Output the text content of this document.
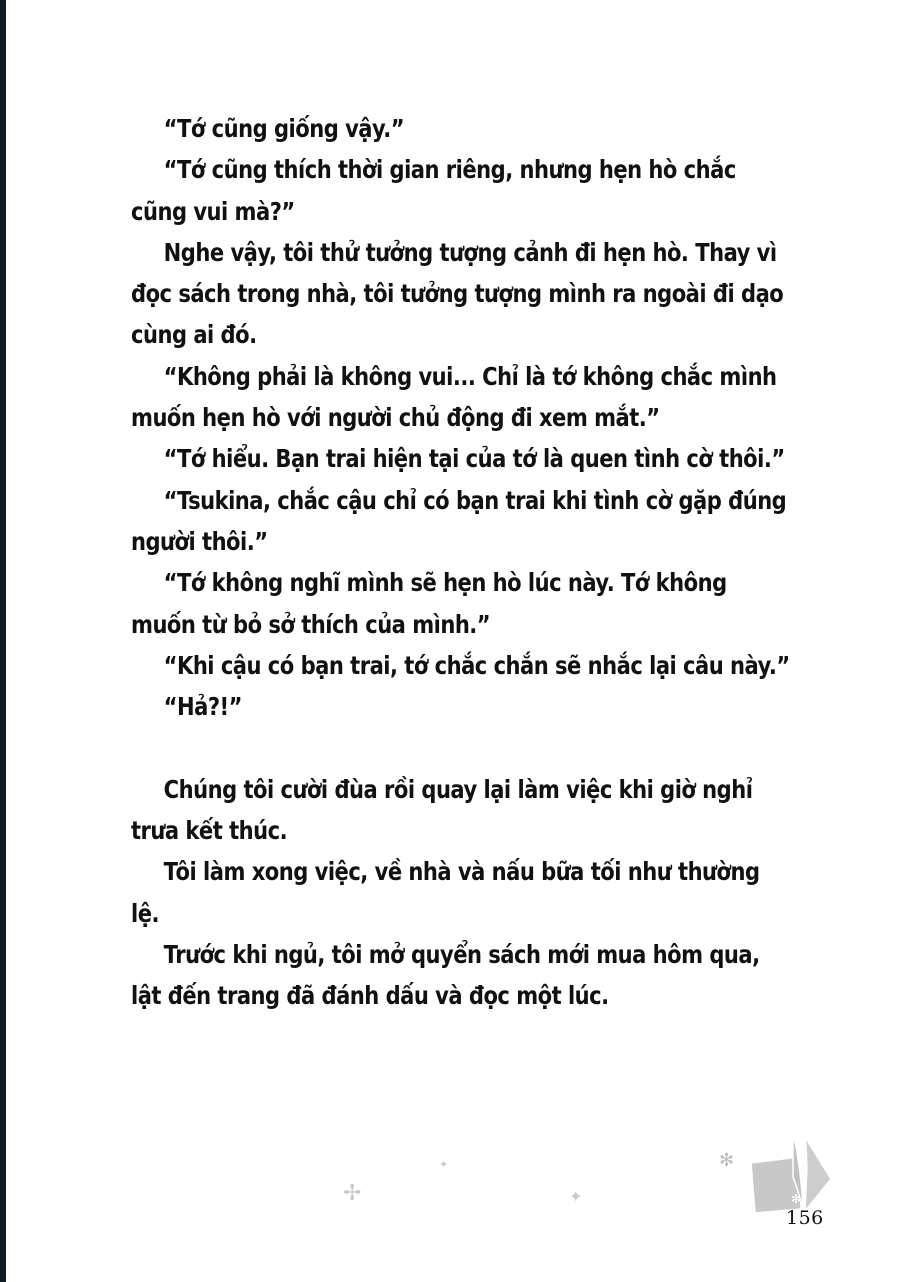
“Tớ cũng giống vậy.”

“Tớ cũng thích thời gian riêng, nhưng hẹn hò chắc cũng vui mà?”

Nghe vậy, tôi thử tưởng tượng cảnh đi hẹn hò. Thay vì đọc sách trong nhà, tôi tưởng tượng mình ra ngoài đi dạo cùng ai đó.

“Không phải là không vui... Chỉ là tớ không chắc mình muốn hẹn hò với người chủ động đi xem mắt.”

“Tớ hiểu. Bạn trai hiện tại của tớ là quen tình cờ thôi.”

“Tsukina, chắc cậu chỉ có bạn trai khi tình cờ gặp đúng người thôi.”

“Tớ không nghĩ mình sẽ hẹn hò lúc này. Tớ không muốn từ bỏ sở thích của mình.”

“Khi cậu có bạn trai, tớ chắc chắn sẽ nhắc lại câu này.”

“Hả?!”

Chúng tôi cười đùa rồi quay lại làm việc khi giờ nghỉ trưa kết thúc.

Tôi làm xong việc, về nhà và nấu bữa tối như thường lệ.

Trước khi ngủ, tôi mở quyển sách mới mua hôm qua, lật đến trang đã đánh dấu và đọc một lúc.

✢
✦
✦
✻
✻
156
